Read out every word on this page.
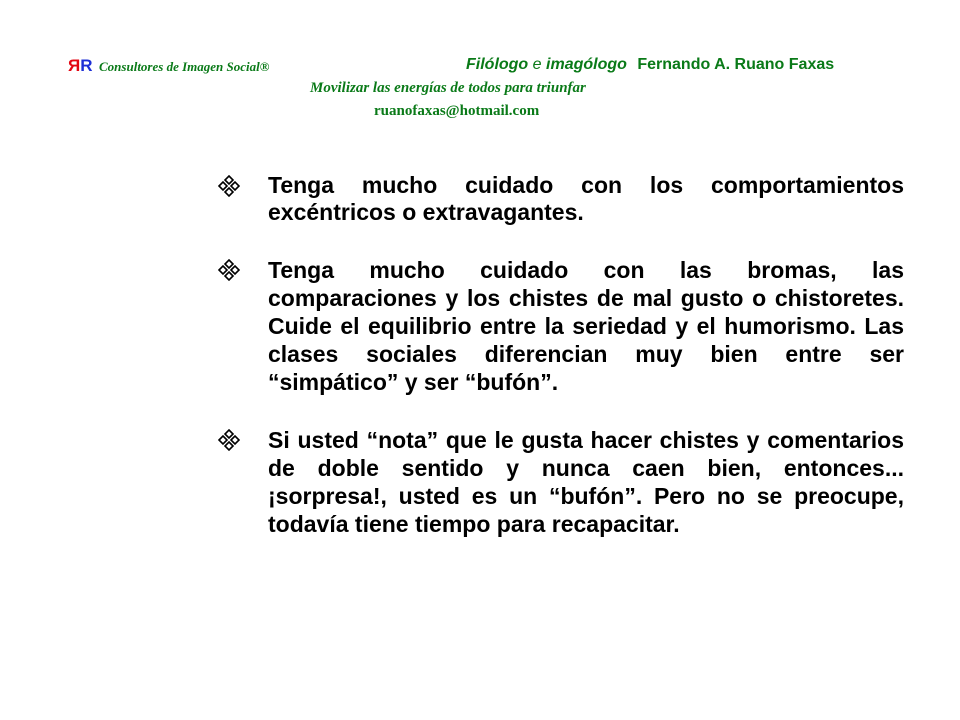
RR Consultores de Imagen Social®	Filólogo e imagólogo Fernando A. Ruano Faxas
Movilizar las energías de todos para triunfar
ruanofaxas@hotmail.com
Tenga mucho cuidado con los comportamientos excéntricos o extravagantes.
Tenga mucho cuidado con las bromas, las comparaciones y los chistes de mal gusto o chistoretes. Cuide el equilibrio entre la seriedad y el humorismo. Las clases sociales diferencian muy bien entre ser “simpático” y ser “bufón”.
Si usted “nota” que le gusta hacer chistes y comentarios de doble sentido y nunca caen bien, entonces... ¡sorpresa!, usted es un “bufón”. Pero no se preocupe, todavía tiene tiempo para recapacitar.
